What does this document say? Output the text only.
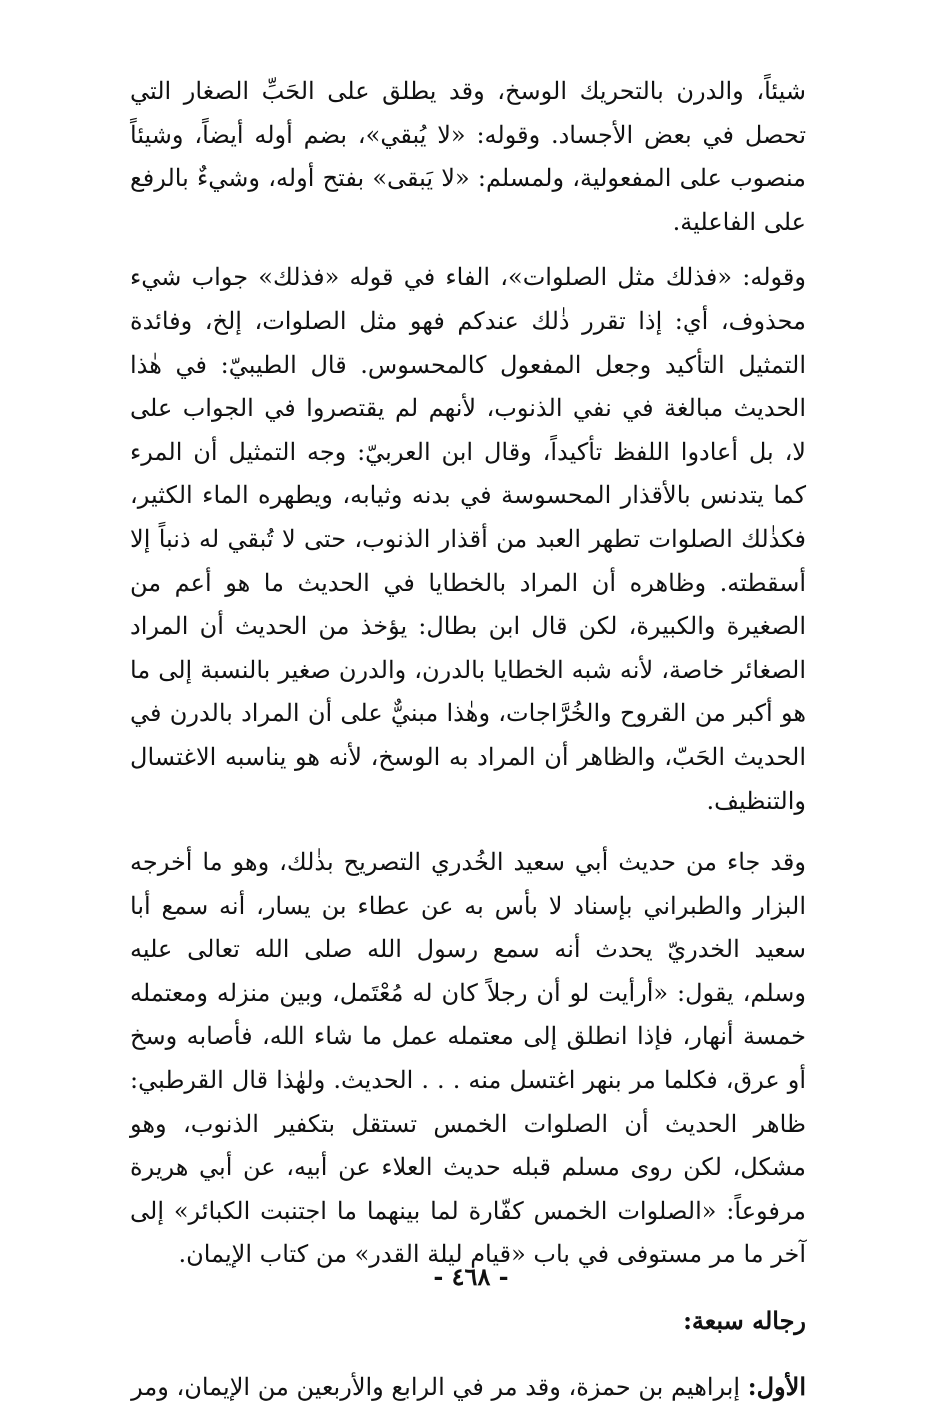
شيئاً، والدرن بالتحريك الوسخ، وقد يطلق على الحَبِّ الصغار التي تحصل في بعض الأجساد. وقوله: «لا يُبقي»، بضم أوله أيضاً، وشيئاً منصوب على المفعولية، ولمسلم: «لا يَبقى» بفتح أوله، وشيءٌ بالرفع على الفاعلية.

وقوله: «فذلك مثل الصلوات»، الفاء في قوله «فذلك» جواب شيء محذوف، أي: إذا تقرر ذٰلك عندكم فهو مثل الصلوات، إلخ، وفائدة التمثيل التأكيد وجعل المفعول كالمحسوس. قال الطيبيّ: في هٰذا الحديث مبالغة في نفي الذنوب، لأنهم لم يقتصروا في الجواب على لا، بل أعادوا اللفظ تأكيداً، وقال ابن العربيّ: وجه التمثيل أن المرء كما يتدنس بالأقذار المحسوسة في بدنه وثيابه، ويطهره الماء الكثير، فكذٰلك الصلوات تطهر العبد من أقذار الذنوب، حتى لا تُبقي له ذنباً إلا أسقطته. وظاهره أن المراد بالخطايا في الحديث ما هو أعم من الصغيرة والكبيرة، لكن قال ابن بطال: يؤخذ من الحديث أن المراد الصغائر خاصة، لأنه شبه الخطايا بالدرن، والدرن صغير بالنسبة إلى ما هو أكبر من القروح والخُرَّاجات، وهٰذا مبنيٌّ على أن المراد بالدرن في الحديث الحَبّ، والظاهر أن المراد به الوسخ، لأنه هو يناسبه الاغتسال والتنظيف.

وقد جاء من حديث أبي سعيد الخُدري التصريح بذٰلك، وهو ما أخرجه البزار والطبراني بإسناد لا بأس به عن عطاء بن يسار، أنه سمع أبا سعيد الخدريّ يحدث أنه سمع رسول الله صلى الله تعالى عليه وسلم، يقول: «أرأيت لو أن رجلاً كان له مُعْتَمل، وبين منزله ومعتمله خمسة أنهار، فإذا انطلق إلى معتمله عمل ما شاء الله، فأصابه وسخ أو عرق، فكلما مر بنهر اغتسل منه . . . الحديث. ولهٰذا قال القرطبي: ظاهر الحديث أن الصلوات الخمس تستقل بتكفير الذنوب، وهو مشكل، لكن روى مسلم قبله حديث العلاء عن أبيه، عن أبي هريرة مرفوعاً: «الصلوات الخمس كفّارة لما بينهما ما اجتنبت الكبائر» إلى آخر ما مر مستوفى في باب «قيام ليلة القدر» من كتاب الإيمان.

رجاله سبعة:

الأول: إبراهيم بن حمزة، وقد مر في الرابع والأربعين من الإيمان، ومر

- ٤٦٨ -
